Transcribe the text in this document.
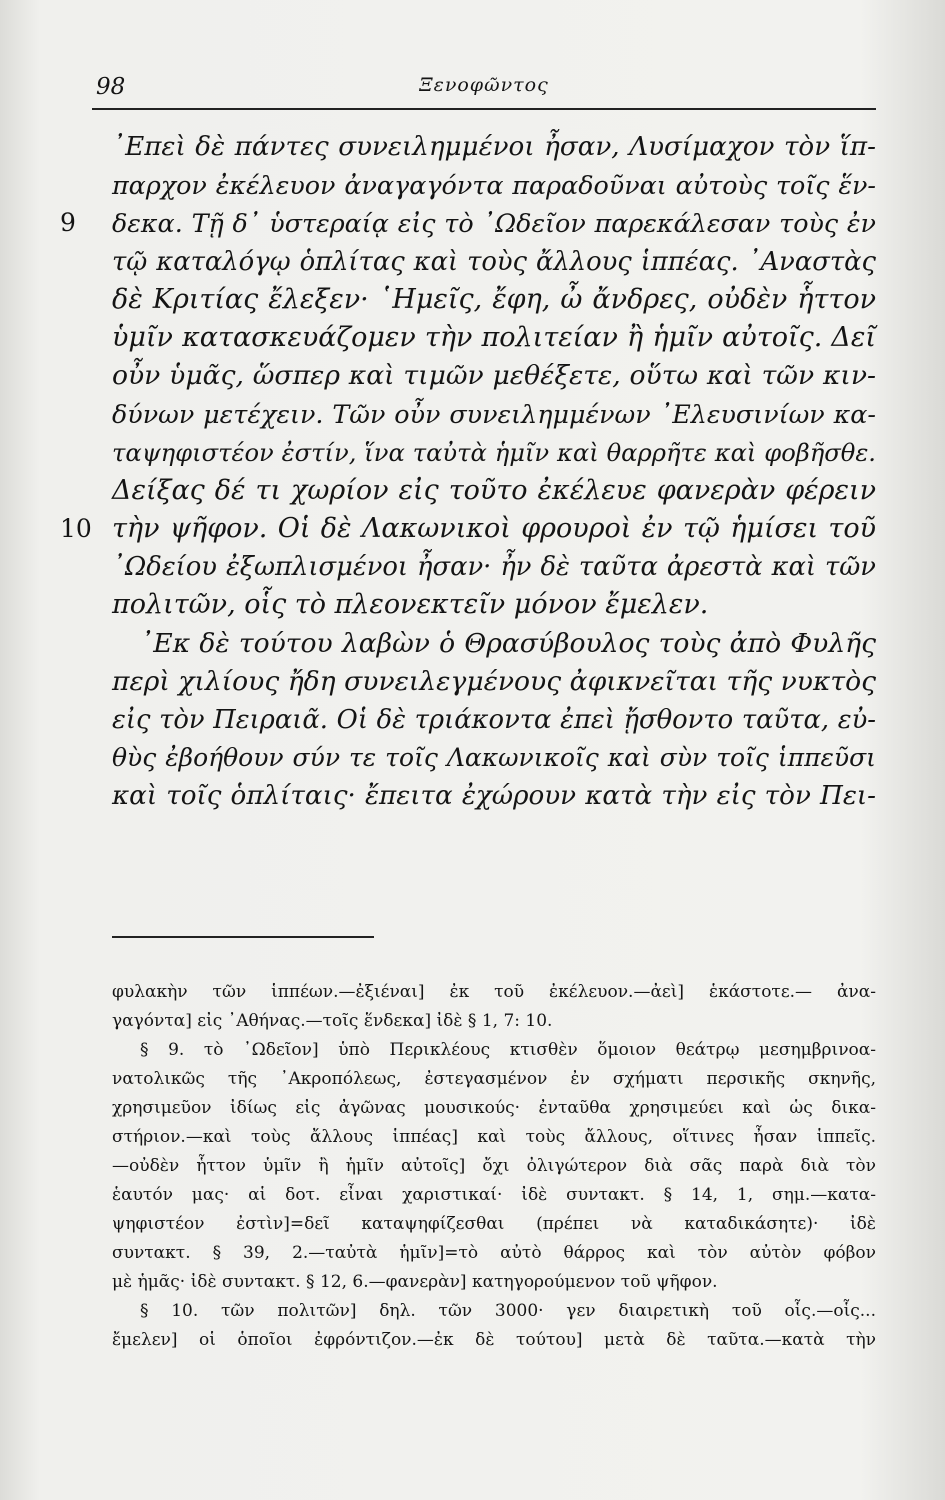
98	Ξενοφῶντος
᾿Επεὶ δὲ πάντες συνειλημμένοι ἦσαν, Λυσίμαχον τὸν ἵπ-
παρχον ἐκέλευον ἀναγαγόντα παραδοῦναι αὐτοὺς τοῖς ἕν-
9 δεκα. Τῇ δ᾿ ὑστεραίᾳ εἰς τὸ ᾿Ωδεῖον παρεκάλεσαν τοὺς ἐν
τῷ καταλόγῳ ὁπλίτας καὶ τοὺς ἄλλους ἱππέας. ᾿Αναστὰς
δὲ Κριτίας ἔλεξεν· ῾Ημεῖς, ἔφη, ὦ ἄνδρες, οὐδὲν ἧττον
ὑμῖν κατασκευάζομεν τὴν πολιτείαν ἢ ἡμῖν αὐτοῖς. Δεῖ
οὖν ὑμᾶς, ὥσπερ καὶ τιμῶν μεθέξετε, οὕτω καὶ τῶν κιν-
δύνων μετέχειν. Τῶν οὖν συνειλημμένων ᾿Ελευσινίων κα-
ταψηφιστέον ἐστίν, ἵνα ταὐτὰ ἡμῖν καὶ θαρρῆτε καὶ φοβῆσθε.
Δείξας δέ τι χωρίον εἰς τοῦτο ἐκέλευε φανερὰν φέρειν
10 τὴν ψῆφον. Οἱ δὲ Λακωνικοὶ φρουροὶ ἐν τῷ ἡμίσει τοῦ
᾿Ωδείου ἐξωπλισμένοι ἦσαν· ἦν δὲ ταῦτα ἀρεστὰ καὶ τῶν
πολιτῶν, οἷς τὸ πλεονεκτεῖν μόνον ἔμελεν.
᾿Εκ δὲ τούτου λαβὼν ὁ Θρασύβουλος τοὺς ἀπὸ Φυλῆς
περὶ χιλίους ἤδη συνειλεγμένους ἀφικνεῖται τῆς νυκτὸς
εἰς τὸν Πειραιᾶ. Οἱ δὲ τριάκοντα ἐπεὶ ᾔσθοντο ταῦτα, εὐ-
θὺς ἐβοήθουν σύν τε τοῖς Λακωνικοῖς καὶ σὺν τοῖς ἱππεῦσι
καὶ τοῖς ὁπλίταις· ἔπειτα ἐχώρουν κατὰ τὴν εἰς τὸν Πει-
φυλακὴν τῶν ἱππέων.—ἐξιέναι] ἐκ τοῦ ἐκέλευον.—ἀεὶ] ἑκάστοτε.— ἀνα-
γαγόντα] εἰς ᾿Αθήνας.—τοῖς ἕνδεκα] ἰδὲ § 1, 7: 10.
§ 9. τὸ ᾿Ωδεῖον] ὑπὸ Περικλέους κτισθὲν ὅμοιον θεάτρῳ μεσημβρινοα-
νατολικῶς τῆς ᾿Ακροπόλεως, ἐστεγασμένον ἐν σχήματι περσικῆς σκηνῆς,
χρησιμεῦον ἰδίως εἰς ἀγῶνας μουσικούς· ἐνταῦθα χρησιμεύει καὶ ὡς δικα-
στήριον.—καὶ τοὺς ἄλλους ἱππέας] καὶ τοὺς ἄλλους, οἵτινες ἦσαν ἱππεῖς.
—οὐδὲν ἧττον ὑμῖν ἢ ἡμῖν αὐτοῖς] ὄχι ὀλιγώτερον διὰ σᾶς παρὰ διὰ τὸν
ἑαυτόν μας· αἱ δοτ. εἶναι χαριστικαί· ἰδὲ συντακτ. § 14, 1, σημ.—κατα-
ψηφιστέον ἐστὶν]=δεῖ καταψηφίζεσθαι (πρέπει νὰ καταδικάσητε)· ἰδὲ
συντακτ. § 39, 2.—ταὐτὰ ἡμῖν]=τὸ αὐτὸ θάρρος καὶ τὸν αὐτὸν φόβον
μὲ ἡμᾶς· ἰδὲ συντακτ. § 12, 6.—φανερὰν] κατηγορούμενον τοῦ ψῆφον.
§ 10. τῶν πολιτῶν] δηλ. τῶν 3000· γεν διαιρετικὴ τοῦ οἷς.—οἷς...
ἔμελεν] οἱ ὁποῖοι ἐφρόντιζον.—ἐκ δὲ τούτου] μετὰ δὲ ταῦτα.—κατὰ τὴν
